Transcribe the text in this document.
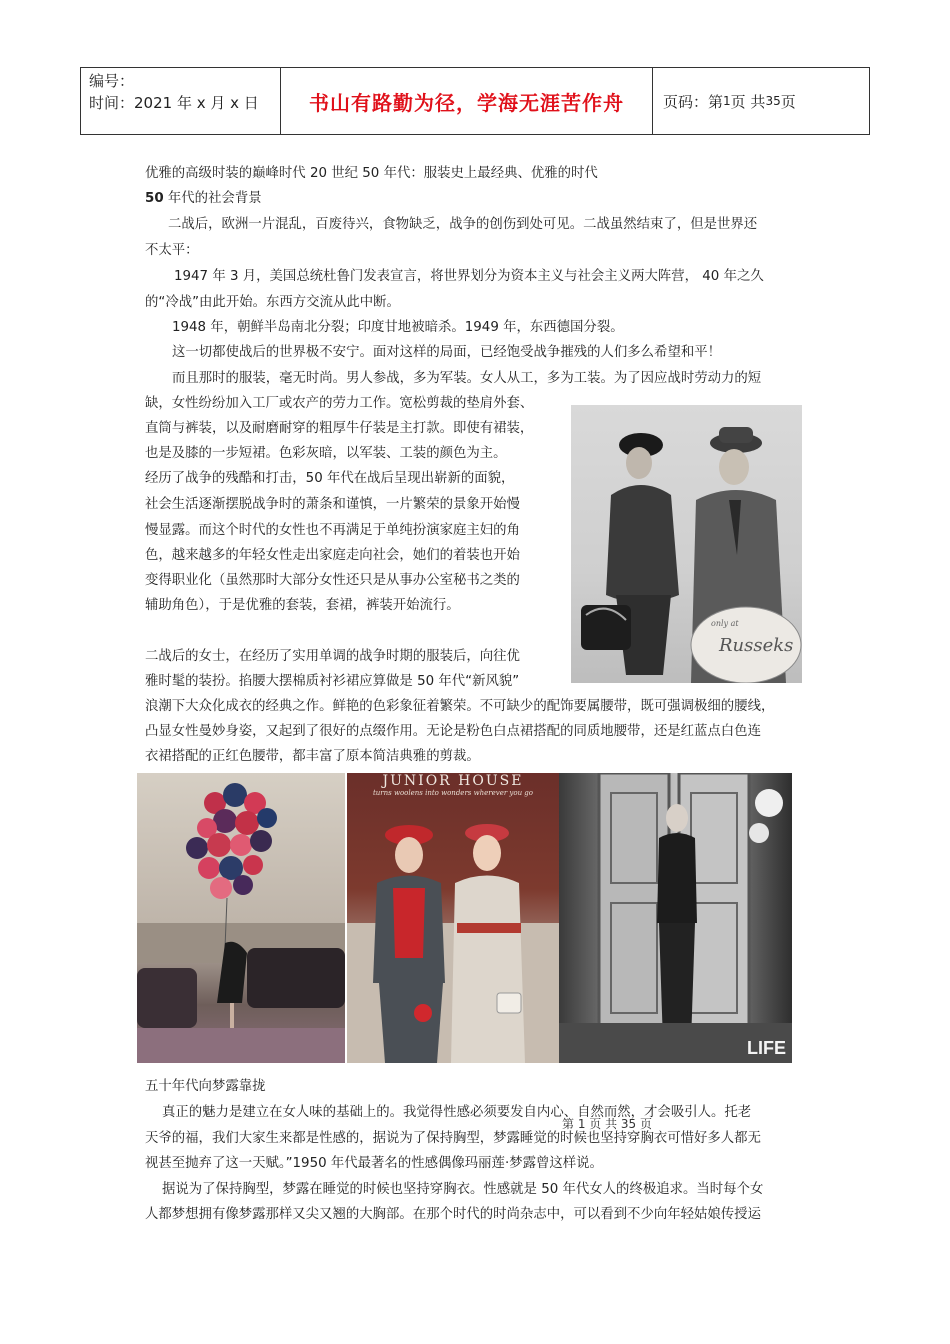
编号：
时间：2021 年 x 月 x 日	书山有路勤为径，学海无涯苦作舟	页码：第 1 页 共 35 页
优雅的高级时装的巅峰时代 20 世纪 50 年代：服装史上最经典、优雅的时代
50 年代的社会背景
二战后，欧洲一片混乱，百废待兴，食物缺乏，战争的创伤到处可见。二战虽然结束了，但是世界还
不太平：
1947 年 3 月，美国总统杜鲁门发表宣言，将世界划分为资本主义与社会主义两大阵营， 40 年之久
的“冷战”由此开始。东西方交流从此中断。
1948 年，朝鲜半岛南北分裂；印度甘地被暗杀。1949 年，东西德国分裂。
这一切都使战后的世界极不安宁。面对这样的局面，已经饱受战争摧残的人们多么希望和平！
而且那时的服装，毫无时尚。男人参战，多为军装。女人从工，多为工装。为了因应战时劳动力的短
缺，女性纷纷加入工厂或农产的劳力工作。宽松剪裁的垫肩外套、
直筒与裤装，以及耐磨耐穿的粗厚牛仔装是主打款。即使有裙装，
也是及膝的一步短裙。色彩灰暗，以军装、工装的颜色为主。
经历了战争的残酷和打击，50 年代在战后呈现出崭新的面貌，
社会生活逐渐摆脱战争时的萧条和谨慎，一片繁荣的景象开始慢
慢显露。而这个时代的女性也不再满足于单纯扮演家庭主妇的角
色，越来越多的年轻女性走出家庭走向社会，她们的着装也开始
变得职业化（虽然那时大部分女性还只是从事办公室秘书之类的
辅助角色），于是优雅的套装，套裙，裤装开始流行。
二战后的女士，在经历了实用单调的战争时期的服装后，向往优
雅时髦的装扮。掐腰大摆棉质衬衫裙应算做是 50 年代“新风貌”
浪潮下大众化成衣的经典之作。鲜艳的色彩象征着繁荣。不可缺少的配饰要属腰带，既可强调极细的腰线，
凸显女性曼妙身姿，又起到了很好的点缀作用。无论是粉色白点裙搭配的同质地腰带，还是红蓝点白色连
衣裙搭配的正红色腰带，都丰富了原本简洁典雅的剪裁。
五十年代向梦露靠拢
真正的魅力是建立在女人味的基础上的。我觉得性感必须要发自内心、自然而然，才会吸引人。托老
天爷的福，我们大家生来都是性感的，据说为了保持胸型，梦露睡觉的时候也坚持穿胸衣可惜好多人都无
视甚至抛弃了这一天赋。”1950 年代最著名的性感偶像玛丽莲·梦露曾这样说。
据说为了保持胸型，梦露在睡觉的时候也坚持穿胸衣。性感就是 50 年代女人的终极追求。当时每个女
人都梦想拥有像梦露那样又尖又翘的大胸部。在那个时代的时尚杂志中，可以看到不少向年轻姑娘传授运
only at
Russeks
JUNIOR HOUSE
turns woolens into wonders wherever you go
LIFE
第 1 页 共 35 页
